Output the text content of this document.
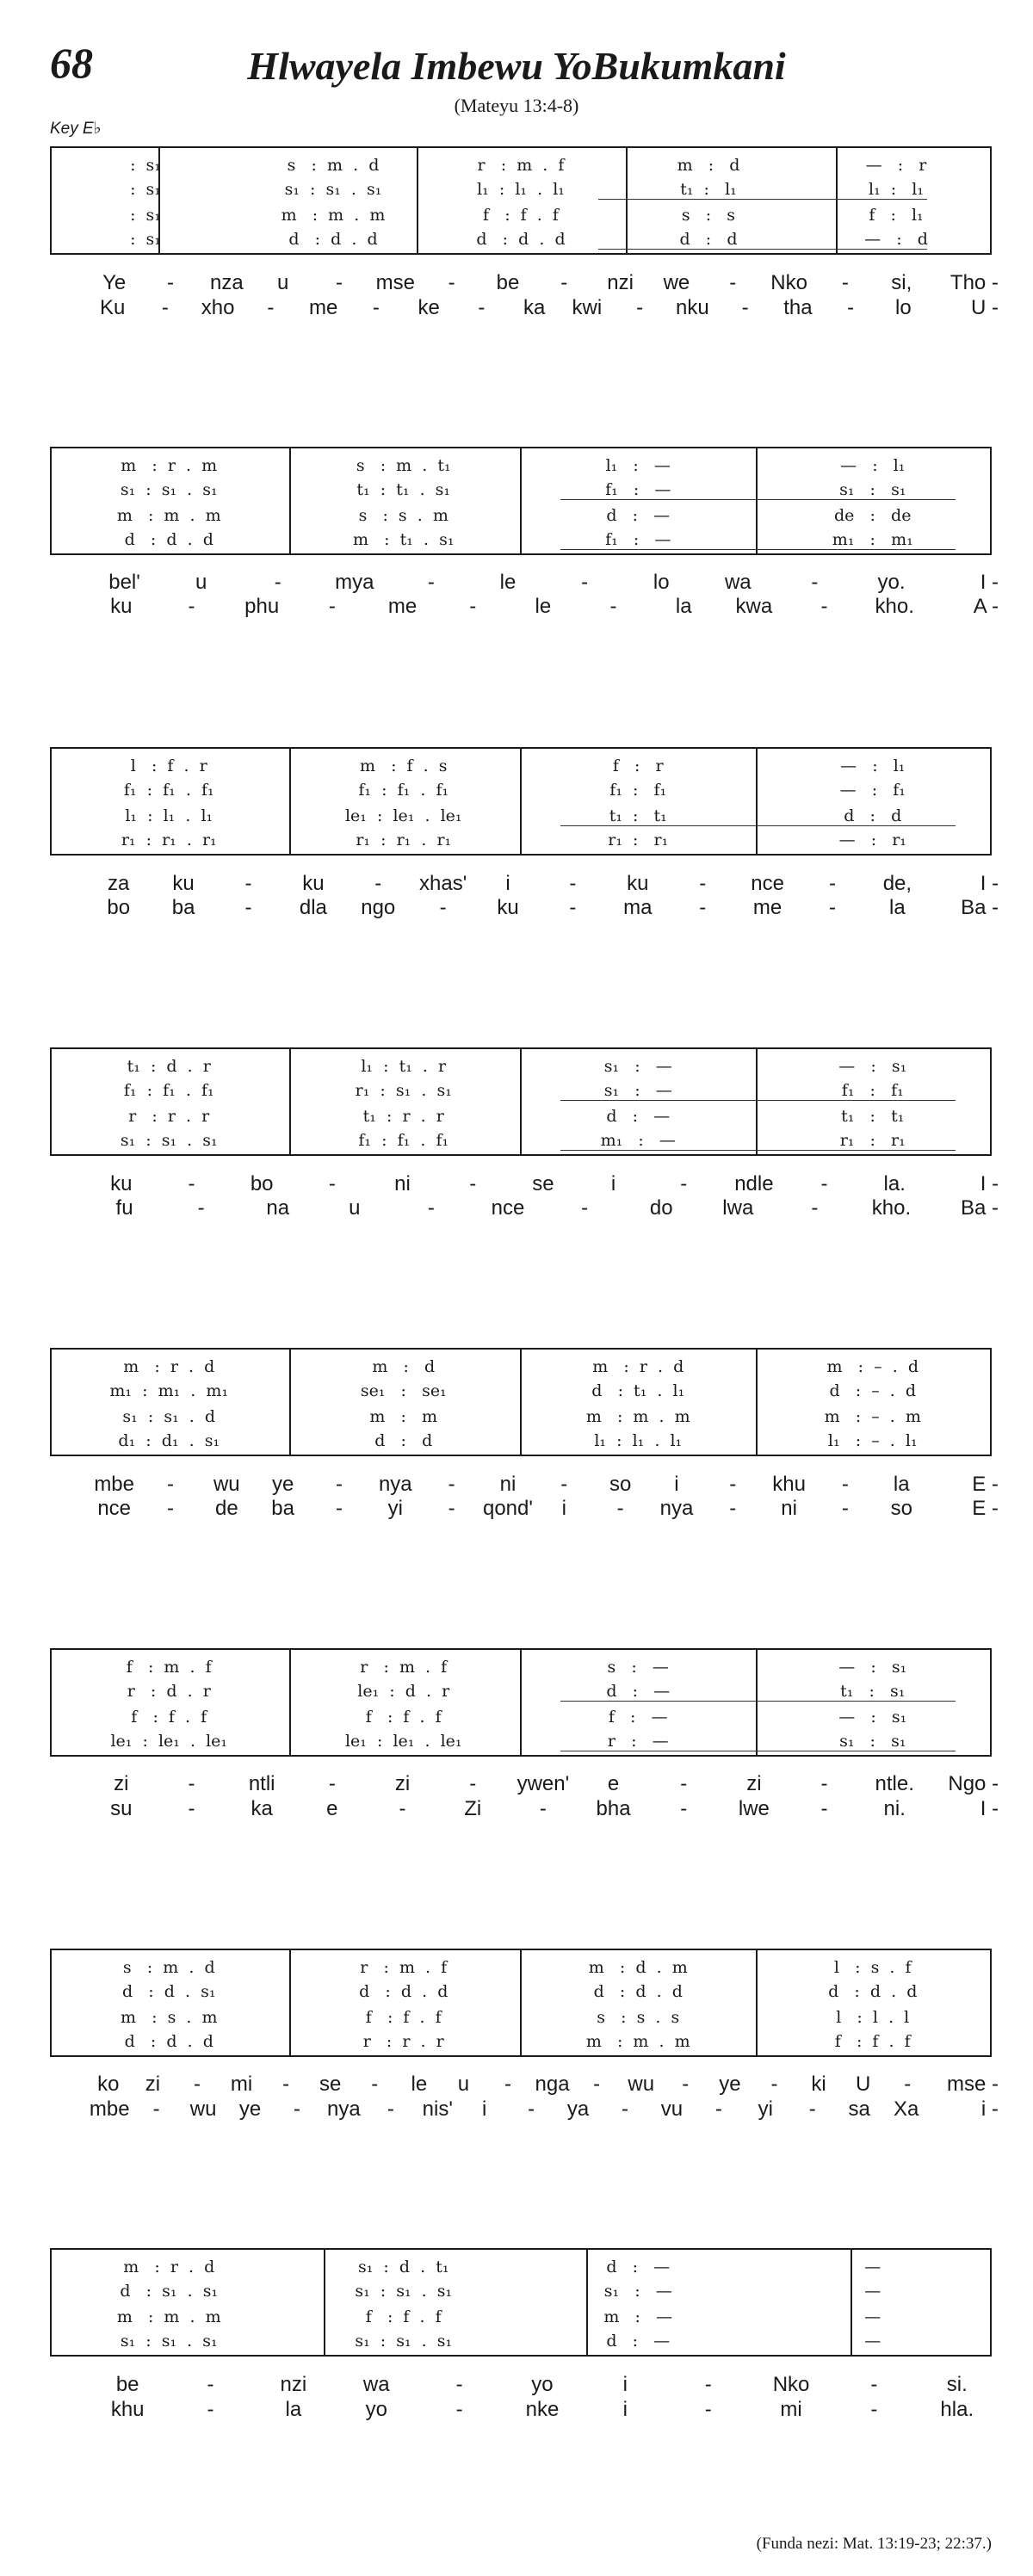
68	Hlwayela Imbewu YoBukumkani
(Mateyu 13:4-8)
Key E♭
:  s₁	s   :  m  .  d	r   :  m  .  f	m   :   d	—   :   r
:  s₁	s₁  :  s₁  .  s₁	l₁  :  l₁  .  l₁	t₁  :   l₁	l₁  :   l₁
:  s₁	m   :  m  .  m	f   :  f  .  f	s   :   s	f   :   l₁
:  s₁	d   :  d  .  d	d   :  d  .  d	d   :   d	—   :   d
Ye	-	nza	u	-	mse	-	be	-	nzi	we	-	Nko	-	si,	Tho -
Ku	-	xho	-	me	-	ke	-	ka	kwi	-	nku	-	tha	-	lo	U -
m   :  r  .  m	s   :  m  .  t₁	l₁   :   —	—   :   l₁
s₁  :  s₁  .  s₁	t₁  :  t₁  .  s₁	f₁   :   —	s₁   :   s₁
m   :  m  .  m	s   :  s  .  m	d   :   —	de   :   de
d   :  d  .  d	m   :  t₁  .  s₁	f₁   :   —	m₁   :   m₁
bel'	u	-	mya	-	le	-	lo	wa	-	yo.	I -
ku	-	phu	-	me	-	le	-	la	kwa	-	kho.	A -
l   :  f  .  r	m   :  f  .  s	f   :   r	—   :   l₁
f₁  :  f₁  .  f₁	f₁  :  f₁  .  f₁	f₁  :   f₁	—   :   f₁
l₁  :  l₁  .  l₁	le₁  :  le₁  .  le₁	t₁  :   t₁	d   :   d
r₁  :  r₁  .  r₁	r₁  :  r₁  .  r₁	r₁  :   r₁	—   :   r₁
za	ku	-	ku	-	xhas'	i	-	ku	-	nce	-	de,	I -
bo	ba	-	dla	ngo	-	ku	-	ma	-	me	-	la	Ba -
t₁  :  d  .  r	l₁  :  t₁  .  r	s₁   :   —	—   :   s₁
f₁  :  f₁  .  f₁	r₁  :  s₁  .  s₁	s₁   :   —	f₁   :   f₁
r   :  r  .  r	t₁  :  r  .  r	d   :   —	t₁   :   t₁
s₁  :  s₁  .  s₁	f₁  :  f₁  .  f₁	m₁   :   —	r₁   :   r₁
ku	-	bo	-	ni	-	se	i	-	ndle	-	la.	I -
fu	-	na	u	-	nce	-	do	lwa	-	kho.	Ba -
m   :  r  .  d	m   :   d	m   :  r  .  d	m   :  –  .  d
m₁  :  m₁  .  m₁	se₁   :   se₁	d   :  t₁  .  l₁	d   :  –  .  d
s₁  :  s₁  .  d	m   :   m	m   :  m  .  m	m   :  –  .  m
d₁  :  d₁  .  s₁	d   :   d	l₁  :  l₁  .  l₁	l₁   :  –  .  l₁
mbe	-	wu	ye	-	nya	-	ni	-	so	i	-	khu	-	la	E -
nce	-	de	ba	-	yi	-	qond'	i	-	nya	-	ni	-	so	E -
f   :  m  .  f	r   :  m  .  f	s   :   —	—   :   s₁
r   :  d  .  r	le₁  :  d  .  r	d   :   —	t₁   :   s₁
f   :  f  .  f	f   :  f  .  f	f   :   —	—   :   s₁
le₁  :  le₁  .  le₁	le₁  :  le₁  .  le₁	r   :   —	s₁   :   s₁
zi	-	ntli	-	zi	-	ywen'	e	-	zi	-	ntle.	Ngo -
su	-	ka	e	-	Zi	-	bha	-	lwe	-	ni.	I -
s   :  m  .  d	r   :  m  .  f	m   :  d  .  m	l   :  s  .  f
d   :  d  .  s₁	d   :  d  .  d	d   :  d  .  d	d   :  d  .  d
m   :  s  .  m	f   :  f  .  f	s   :  s  .  s	l   :  l  .  l
d   :  d  .  d	r   :  r  .  r	m   :  m  .  m	f   :  f  .  f
ko	zi	-	mi	-	se	-	le	u	-	nga	-	wu	-	ye	-	ki	U	-	mse -
mbe	-	wu	ye	-	nya	-	nis'	i	-	ya	-	vu	-	yi	-	sa	Xa	i -
m   :  r  .  d	s₁  :  d  .  t₁	d   :   —	—
d   :  s₁  .  s₁	s₁  :  s₁  .  s₁	s₁   :   —	—
m   :  m  .  m	f   :  f  .  f	m   :   —	—
s₁  :  s₁  .  s₁	s₁  :  s₁  .  s₁	d   :   —	—
be	-	nzi	wa	-	yo	i	-	Nko	-	si.
khu	-	la	yo	-	nke	i	-	mi	-	hla.
(Funda nezi: Mat. 13:19-23; 22:37.)
